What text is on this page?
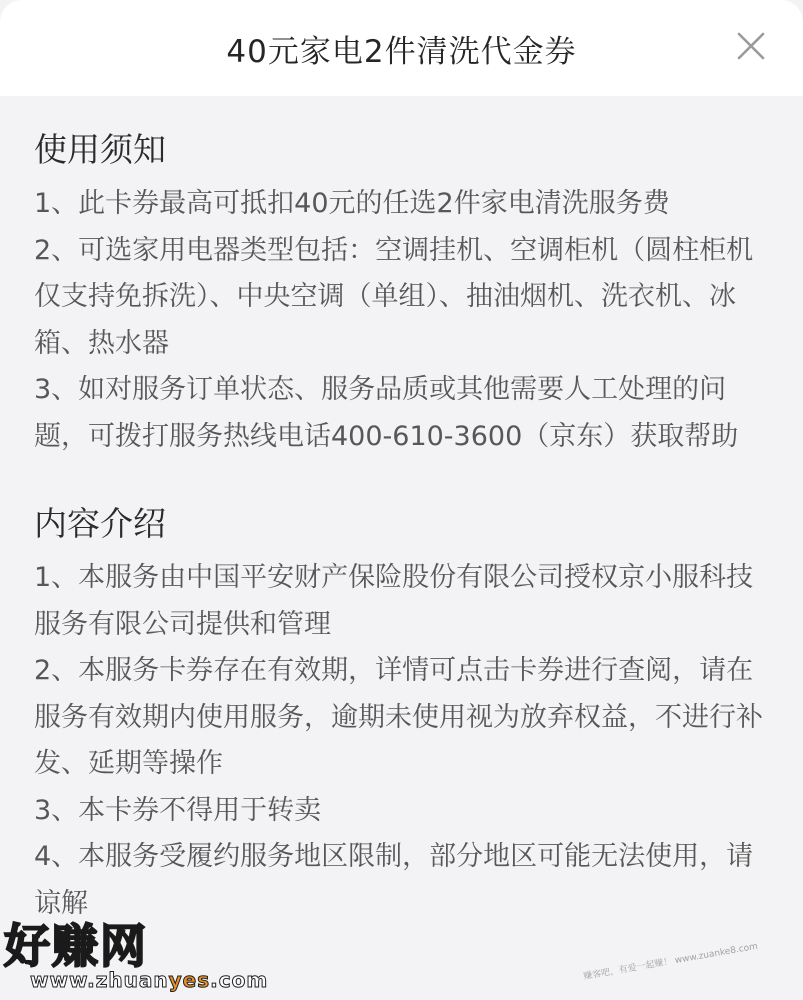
40元家电2件清洗代金券

使用须知

1、此卡券最高可抵扣40元的任选2件家电清洗服务费

2、可选家用电器类型包括：空调挂机、空调柜机（圆柱柜机仅支持免拆洗）、中央空调（单组）、抽油烟机、洗衣机、冰箱、热水器

3、如对服务订单状态、服务品质或其他需要人工处理的问题，可拨打服务热线电话400-610-3600（京东）获取帮助

内容介绍

1、本服务由中国平安财产保险股份有限公司授权京小服科技服务有限公司提供和管理

2、本服务卡券存在有效期，详情可点击卡券进行查阅，请在服务有效期内使用服务，逾期未使用视为放弃权益，不进行补发、延期等操作

3、本卡券不得用于转卖

4、本服务受履约服务地区限制，部分地区可能无法使用，请谅解

好赚网
www.zhuanyes.com	赚客吧，有爱一起赚！ www.zuanke8.com
